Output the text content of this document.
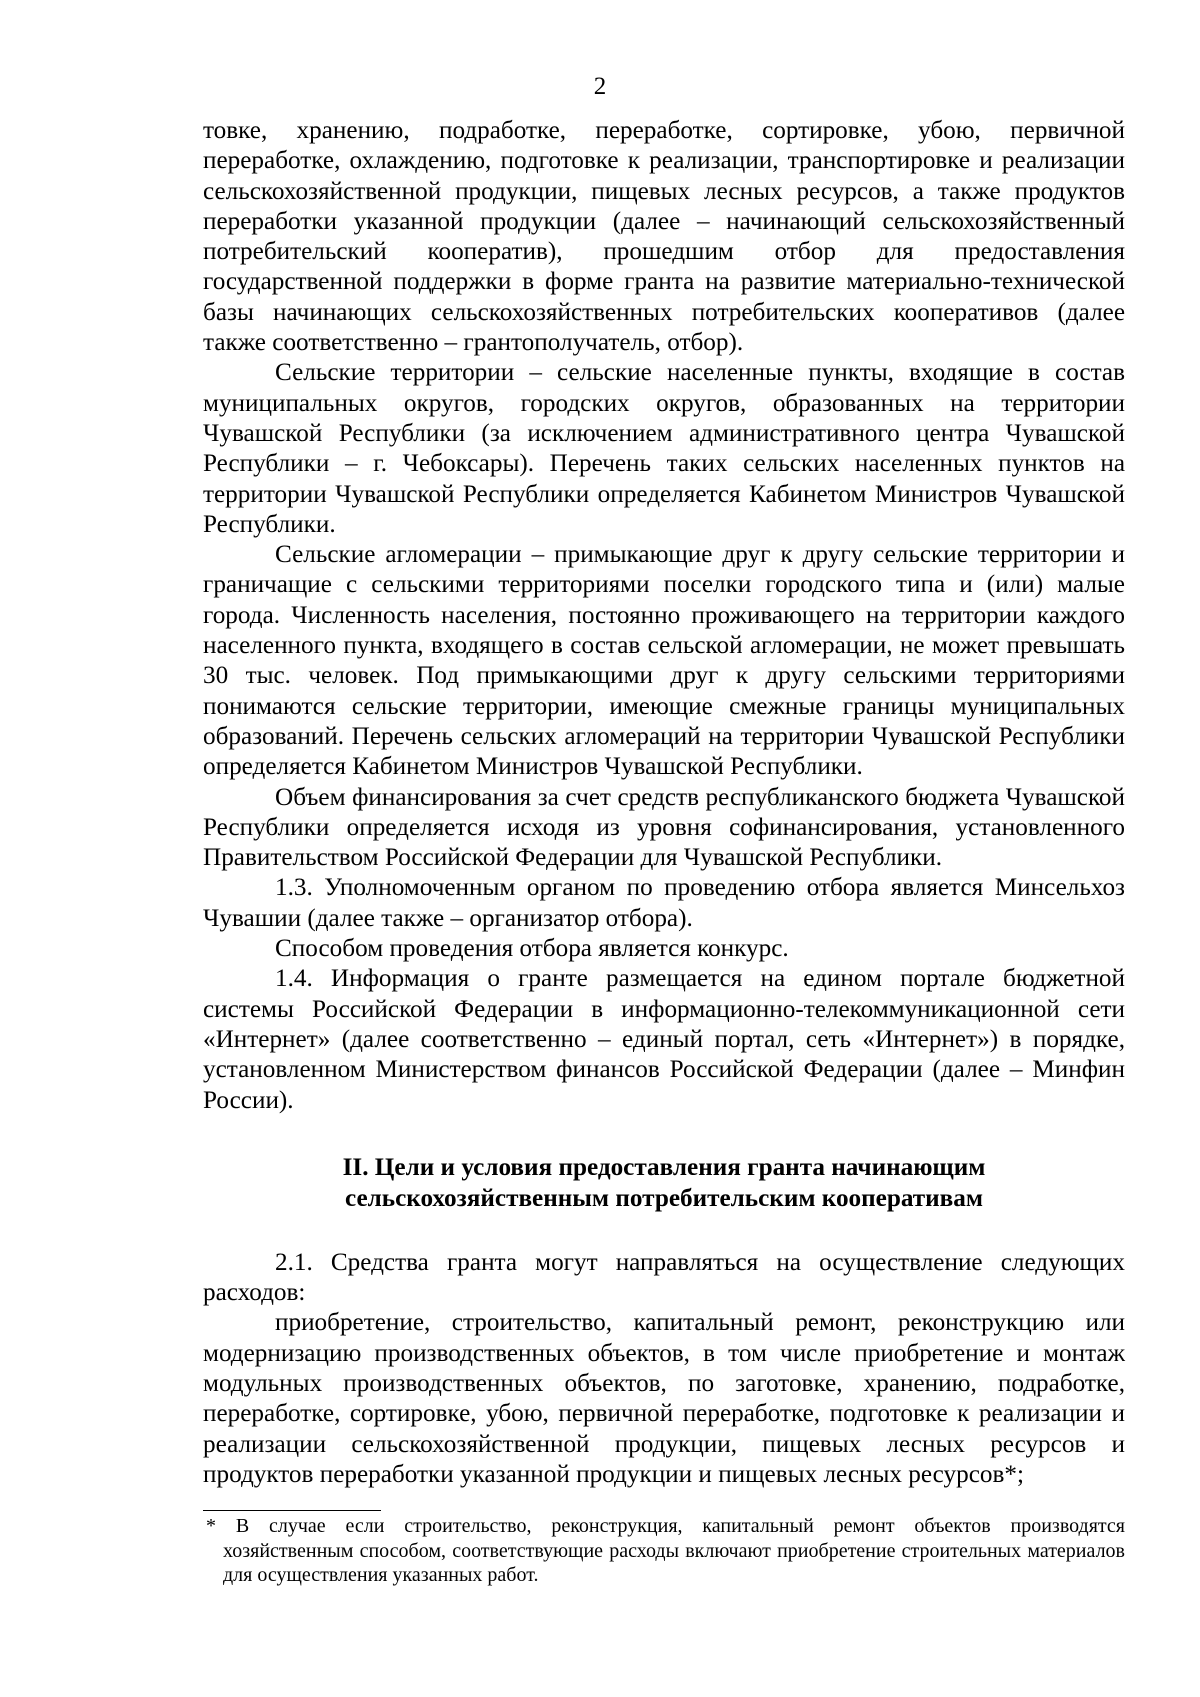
2

товке, хранению, подработке, переработке, сортировке, убою, первичной переработке, охлаждению, подготовке к реализации, транспортировке и реализации сельскохозяйственной продукции, пищевых лесных ресурсов, а также продуктов переработки указанной продукции (далее – начинающий сельскохозяйственный потребительский кооператив), прошедшим отбор для предоставления государственной поддержки в форме гранта на развитие материально-технической базы начинающих сельскохозяйственных потребительских кооперативов (далее также соответственно – грантополучатель, отбор).

Сельские территории – сельские населенные пункты, входящие в состав муниципальных округов, городских округов, образованных на территории Чувашской Республики (за исключением административного центра Чувашской Республики – г. Чебоксары). Перечень таких сельских населенных пунктов на территории Чувашской Республики определяется Кабинетом Министров Чувашской Республики.

Сельские агломерации – примыкающие друг к другу сельские территории и граничащие с сельскими территориями поселки городского типа и (или) малые города. Численность населения, постоянно проживающего на территории каждого населенного пункта, входящего в состав сельской агломерации, не может превышать 30 тыс. человек. Под примыкающими друг к другу сельскими территориями понимаются сельские территории, имеющие смежные границы муниципальных образований. Перечень сельских агломераций на территории Чувашской Республики определяется Кабинетом Министров Чувашской Республики.

Объем финансирования за счет средств республиканского бюджета Чувашской Республики определяется исходя из уровня софинансирования, установленного Правительством Российской Федерации для Чувашской Республики.

1.3. Уполномоченным органом по проведению отбора является Минсельхоз Чувашии (далее также – организатор отбора).

Способом проведения отбора является конкурс.

1.4. Информация о гранте размещается на едином портале бюджетной системы Российской Федерации в информационно-телекоммуникационной сети «Интернет» (далее соответственно – единый портал, сеть «Интернет») в порядке, установленном Министерством финансов Российской Федерации (далее – Минфин России).

II. Цели и условия предоставления гранта начинающим
сельскохозяйственным потребительским кооперативам

2.1. Средства гранта могут направляться на осуществление следующих расходов:

приобретение, строительство, капитальный ремонт, реконструкцию или модернизацию производственных объектов, в том числе приобретение и монтаж модульных производственных объектов, по заготовке, хранению, подработке, переработке, сортировке, убою, первичной переработке, подготовке к реализации и реализации сельскохозяйственной продукции, пищевых лесных ресурсов и продуктов переработки указанной продукции и пищевых лесных ресурсов*;

* В случае если строительство, реконструкция, капитальный ремонт объектов производятся хозяйственным способом, соответствующие расходы включают приобретение строительных материалов для осуществления указанных работ.
